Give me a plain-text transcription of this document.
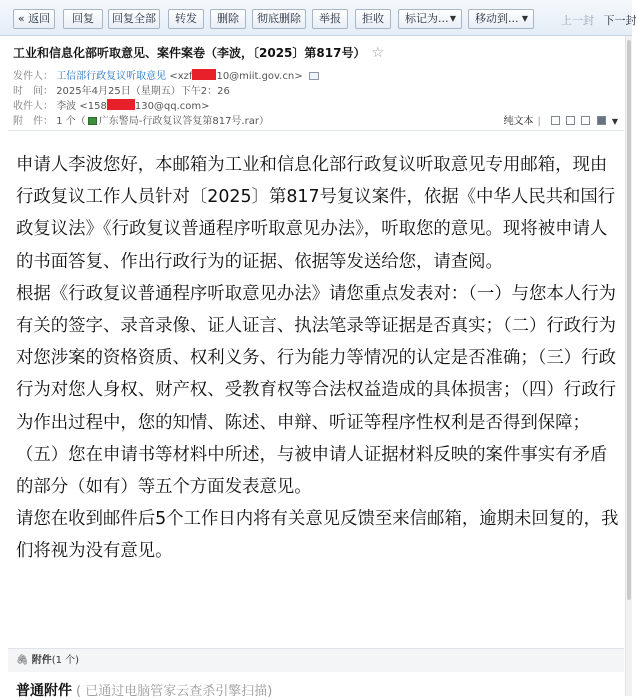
« 返回	回复	回复全部	转发	删除	彻底删除	举报	拒收	标记为... ▼	移动到... ▼	上一封 下一封
工业和信息化部听取意见、案件案卷（李波，〔2025〕第817号） ☆
发件人： 工信部行政复议听取意见 <xzf 10@miit.gov.cn>
时　间： 2025年4月25日（星期五）下午2：26
收件人： 李波 <158	130@qq.com>
附　件： 1 个（ 广东警局-行政复议答复第817号.rar）	纯文本 |	▼
申请人李波您好，本邮箱为工业和信息化部行政复议听取意见专用邮箱，现由行政复议工作人员针对〔2025〕第817号复议案件，依据《中华人民共和国行政复议法》《行政复议普通程序听取意见办法》，听取您的意见。现将被申请人的书面答复、作出行政行为的证据、依据等发送给您，请查阅。
根据《行政复议普通程序听取意见办法》请您重点发表对：（一）与您本人行为有关的签字、录音录像、证人证言、执法笔录等证据是否真实；（二）行政行为对您涉案的资格资质、权利义务、行为能力等情况的认定是否准确；（三）行政行为对您人身权、财产权、受教育权等合法权益造成的具体损害；（四）行政行为作出过程中，您的知情、陈述、申辩、听证等程序性权利是否得到保障；（五）您在申请书等材料中所述，与被申请人证据材料反映的案件事实有矛盾的部分（如有）等五个方面发表意见。
请您在收到邮件后5个工作日内将有关意见反馈至来信邮箱，逾期未回复的，我们将视为没有意见。
🖇 附件(1 个)
普通附件 ( 已通过电脑管家云查杀引擎扫描)
